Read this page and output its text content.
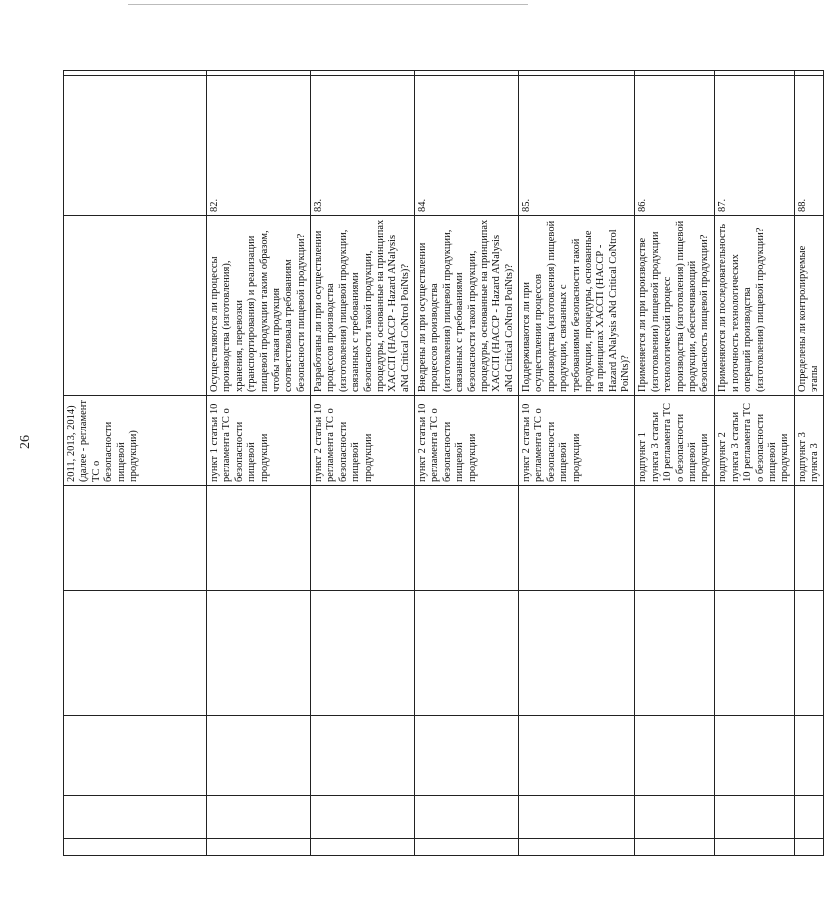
26
						2011, 2013, 2014) (далее - регламент ТС о безопасности пищевой продукции)			
					пункт 1 статьи 10 регламента ТС о безопасности пищевой продукции	Осуществляются ли процессы производства (изготовления), хранения, перевозки (транспортирования) и реализации пищевой продукции таким образом, чтобы такая продукция соответствовала требованиям безопасности пищевой продукции?	82.	
					пункт 2 статьи 10 регламента ТС о безопасности пищевой продукции	Разработаны ли при осуществлении процессов производства (изготовления) пищевой продукции, связанных с требованиями безопасности такой продукции, процедуры, основанные на принципах ХАССП (НАССР - Hazard ANalysis aNd Critical CoNtrol PoiNts)?	83.	
					пункт 2 статьи 10 регламента ТС о безопасности пищевой продукции	Внедрены ли при осуществлении процессов производства (изготовления) пищевой продукции, связанных с требованиями безопасности такой продукции, процедуры, основанные на принципах ХАССП (НАССР - Hazard ANalysis aNd Critical CoNtrol PoiNts)?	84.	
					пункт 2 статьи 10 регламента ТС о безопасности пищевой продукции	Поддерживаются ли при осуществлении процессов производства (изготовления) пищевой продукции, связанных с требованиями безопасности такой продукции, процедуры, основанные на принципах ХАССП (НАССР - Hazard ANalysis aNd Critical CoNtrol PoiNts)?	85.	
					подпункт 1 пункта 3 статьи 10 регламента ТС о безопасности пищевой продукции	Применяется ли при производстве (изготовлении) пищевой продукции технологический процесс производства (изготовления) пищевой продукции, обеспечивающий безопасность пищевой продукции?	86.	
					подпункт 2 пункта 3 статьи 10 регламента ТС о безопасности пищевой продукции	Применяются ли последовательность и поточность технологических операций производства (изготовления) пищевой продукции?	87.	
					подпункт 3 пункта 3	Определены ли контролируемые этапы	88.	
